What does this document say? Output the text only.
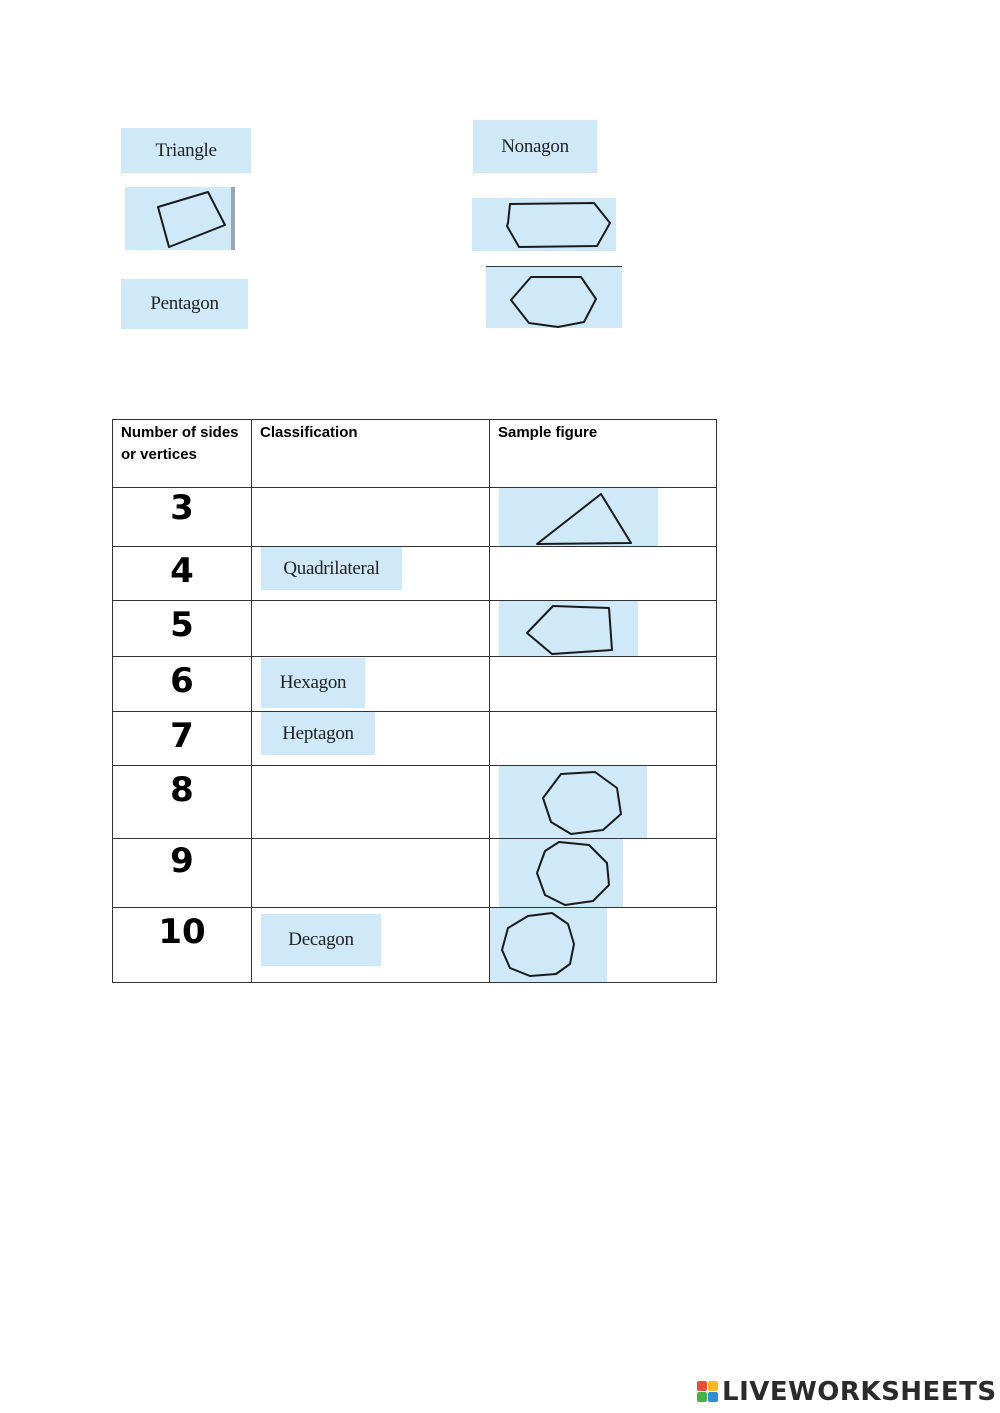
Triangle	Nonagon
Pentagon
Number of sides or vertices	Classification	Sample figure
3		

4	Quadrilateral	

5		

6	Hexagon	

7	Heptagon	

8		

9		

10	Decagon

LIVEWORKSHEETS
